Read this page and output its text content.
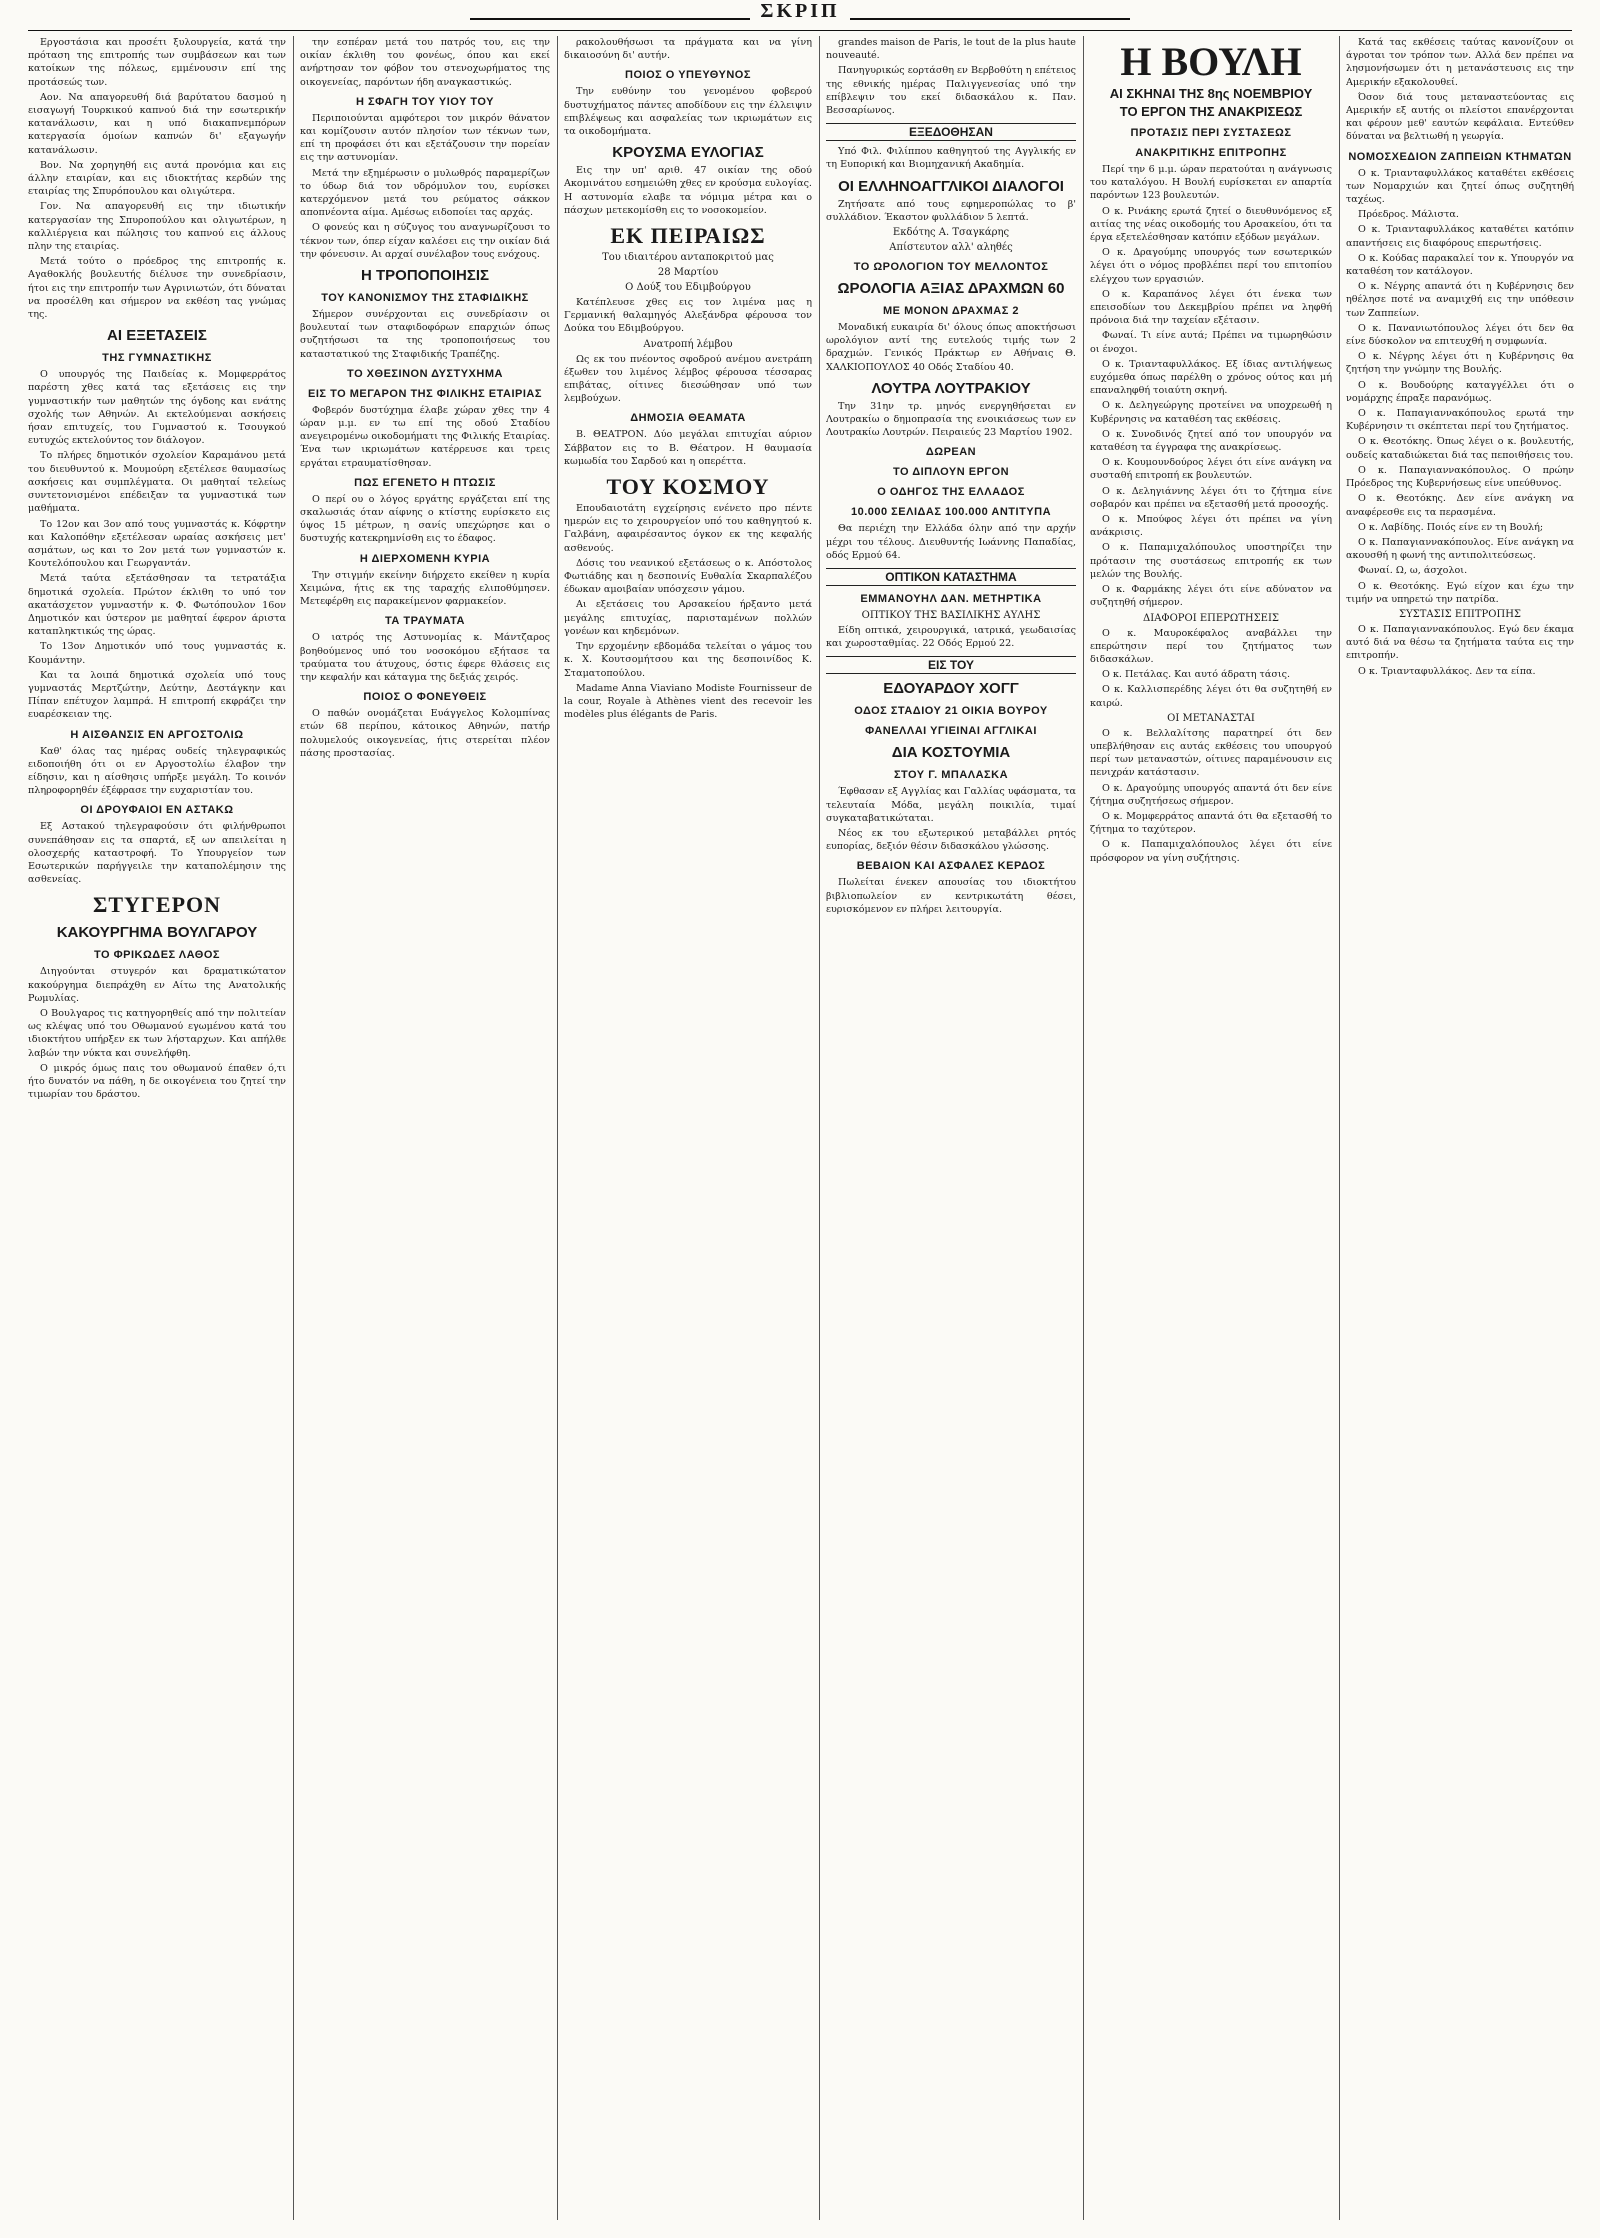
ΣΚΡΙΠ

Εργοστάσια και προσέτι ξυλουργεία, κατά την πρόταση της επιτροπής των συμβάσεων και των κατοίκων της πόλεως, εμμένουσιν επί της προτάσεώς των.

Αον. Να απαγορευθή διά βαρύτατου δασμού η εισαγωγή Τουρκικού καπνού διά την εσωτερικήν κατανάλωσιν, και η υπό διακαπνεμπόρων κατεργασία όμοίων καπνών δι' εξαγωγήν κατανάλωσιν.

Βον. Να χορηγηθή εις αυτά προνόμια και εις άλλην εταιρίαν, και εις ιδιοκτήτας κερδών της εταιρίας της Σπυρόπουλου και ολιγώτερα.

Γον. Να απαγορευθή εις την ιδιωτικήν κατεργασίαν της Σπυροπούλου και ολιγωτέρων, η καλλιέργεια και πώλησις του καπνού εις άλλους πλην της εταιρίας.

Μετά τούτο ο πρόεδρος της επιτροπής κ. Αγαθοκλής βουλευτής διέλυσε την συνεδρίασιν, ήτοι εις την επιτροπήν των Αγρινιωτών, ότι δύναται να προσέλθη και σήμερον να εκθέση τας γνώμας της.

ΑΙ ΕΞΕΤΑΣΕΙΣ
ΤΗΣ ΓΥΜΝΑΣΤΙΚΗΣ

Ο υπουργός της Παιδείας κ. Μομφερράτος παρέστη χθες κατά τας εξετάσεις εις την γυμναστικήν των μαθητών της όγδοης και ενάτης σχολής των Αθηνών. Αι εκτελούμεναι ασκήσεις ήσαν επιτυχείς, του Γυμναστού κ. Τσουγκού ευτυχώς εκτελούντος τον διάλογον.

Το πλήρες δημοτικόν σχολείον Καραμάνου μετά του διευθυντού κ. Μουμούρη εξετέλεσε θαυμασίως ασκήσεις και συμπλέγματα. Οι μαθηταί τελείως συντετονισμένοι επέδειξαν τα γυμναστικά των μαθήματα.

Το 12ον και 3ον από τους γυμναστάς κ. Κόφρτην και Καλοπόθην εξετέλεσαν ωραίας ασκήσεις μετ' ασμάτων, ως και το 2ον μετά των γυμναστών κ. Κουτελόπουλου και Γεωργαντάν.

Μετά ταύτα εξετάσθησαν τα τετρατάξια δημοτικά σχολεία. Πρώτον έκλιθη το υπό τον ακατάσχετον γυμναστήν κ. Φ. Φωτόπουλον 16ον Δημοτικόν και ύστερον με μαθηταί έφερον άριστα καταπληκτικώς της ώρας.

Το 13ον Δημοτικόν υπό τους γυμναστάς κ. Κουμάντην.

Και τα λοιπά δημοτικά σχολεία υπό τους γυμναστάς Μερτζώτην, Δεύτην, Δεστάγκην και Πίπαν επέτυχον λαμπρά. Η επιτροπή εκφράζει την ευαρέσκειαν της.

Η ΑΙΣΘΑΝΣΙΣ ΕΝ ΑΡΓΟΣΤΟΛΙΩ

Καθ' όλας τας ημέρας ουδείς τηλεγραφικώς ειδοποιήθη ότι οι εν Αργοστολίω έλαβον την είδησιν, και η αίσθησις υπήρξε μεγάλη. Το κοινόν πληροφορηθέν έξέφρασε την ευχαριστίαν του.

ΟΙ ΔΡΟΥΦΑΙΟΙ ΕΝ ΑΣΤΑΚΩ

Εξ Αστακού τηλεγραφούσιν ότι φιλήνθρωποι συνεπάθησαν εις τα σπαρτά, εξ ων απειλείται η ολοσχερής καταστροφή. Το Υπουργείον των Εσωτερικών παρήγγειλε την καταπολέμησιν της ασθενείας.

ΣΤΥΓΕΡΟΝ
ΚΑΚΟΥΡΓΗΜΑ ΒΟΥΛΓΑΡΟΥ
ΤΟ ΦΡΙΚΩΔΕΣ ΛΑΘΟΣ

Διηγούνται στυγερόν και δραματικώτατον κακούργημα διεπράχθη εν Αίτω της Ανατολικής Ρωμυλίας.

Ο Βουλγαρος τις κατηγορηθείς από την πολιτείαν ως κλέψας υπό του Οθωμανού εγωμένου κατά του ιδιοκτήτου υπήρξεν εκ των λήσταρχων. Και απήλθε λαβών την νύκτα και συνελήφθη.

Ο μικρός όμως παις του οθωμανού έπαθεν ό,τι ήτο δυνατόν να πάθη, η δε οικογένεια του ζητεί την τιμωρίαν του δράστου.

την εσπέραν μετά του πατρός του, εις την οικίαν έκλιθη του φονέως, όπου και εκεί ανήρτησαν τον φόβον του στενοχωρήματος της οικογενείας, παρόντων ήδη αναγκαστικώς.

Η ΣΦΑΓΗ ΤΟΥ ΥΙΟΥ ΤΟΥ

Περιποιούνται αμφότεροι τον μικρόν θάνατον και κομίζουσιν αυτόν πλησίον των τέκνων των, επί τη προφάσει ότι και εξετάζουσιν την πορείαν εις την αστυνομίαν.

Μετά την εξημέρωσιν ο μυλωθρός παραμερίζων το ύδωρ διά τον υδρόμυλον του, ευρίσκει κατερχόμενον μετά του ρεύματος σάκκον αποπνέοντα αίμα. Αμέσως ειδοποίει τας αρχάς.

Ο φονεύς και η σύζυγος του αναγνωρίζουσι το τέκνον των, όπερ είχαν καλέσει εις την οικίαν διά την φόνευσιν. Αι αρχαί συνέλαβον τους ενόχους.

Η ΤΡΟΠΟΠΟΙΗΣΙΣ
ΤΟΥ ΚΑΝΟΝΙΣΜΟΥ ΤΗΣ ΣΤΑΦΙΔΙΚΗΣ

Σήμερον συνέρχονται εις συνεδρίασιν οι βουλευταί των σταφιδοφόρων επαρχιών όπως συζητήσωσι τα της τροποποιήσεως του καταστατικού της Σταφιδικής Τραπέζης.

ΤΟ ΧΘΕΣΙΝΟΝ ΔΥΣΤΥΧΗΜΑ
ΕΙΣ ΤΟ ΜΕΓΑΡΟΝ ΤΗΣ ΦΙΛΙΚΗΣ ΕΤΑΙΡΙΑΣ

Φοβερόν δυστύχημα έλαβε χώραν χθες την 4 ώραν μ.μ. εν τω επί της οδού Σταδίου ανεγειρομένω οικοδομήματι της Φιλικής Εταιρίας. Ένα των ικριωμάτων κατέρρευσε και τρεις εργάται ετραυματίσθησαν.

ΠΩΣ ΕΓΕΝΕΤΟ Η ΠΤΩΣΙΣ

Ο περί ου ο λόγος εργάτης εργάζεται επί της σκαλωσιάς όταν αίφνης ο κτίστης ευρίσκετο εις ύψος 15 μέτρων, η σανίς υπεχώρησε και ο δυστυχής κατεκρημνίσθη εις το έδαφος.

Η ΔΙΕΡΧΟΜΕΝΗ ΚΥΡΙΑ

Την στιγμήν εκείνην διήρχετο εκείθεν η κυρία Χειμώνα, ήτις εκ της ταραχής ελιποθύμησεν. Μετεφέρθη εις παρακείμενον φαρμακείον.

ΤΑ ΤΡΑΥΜΑΤΑ

Ο ιατρός της Αστυνομίας κ. Μάντζαρος βοηθούμενος υπό του νοσοκόμου εξήτασε τα τραύματα του άτυχους, όστις έφερε θλάσεις εις την κεφαλήν και κάταγμα της δεξιάς χειρός.

ΠΟΙΟΣ Ο ΦΟΝΕΥΘΕΙΣ

Ο παθών ονομάζεται Ευάγγελος Κολομπίνας ετών 68 περίπου, κάτοικος Αθηνών, πατήρ πολυμελούς οικογενείας, ήτις στερείται πλέον πάσης προστασίας.

ρακολουθήσωσι τα πράγματα και να γίνη δικαιοσύνη δι' αυτήν.

ΠΟΙΟΣ Ο ΥΠΕΥΘΥΝΟΣ

Την ευθύνην του γενομένου φοβερού δυστυχήματος πάντες αποδίδουν εις την έλλειψιν επιβλέψεως και ασφαλείας των ικριωμάτων εις τα οικοδομήματα.

ΚΡΟΥΣΜΑ ΕΥΛΟΓΙΑΣ

Εις την υπ' αριθ. 47 οικίαν της οδού Ακομινάτου εσημειώθη χθες εν κρούσμα ευλογίας. Η αστυνομία ελαβε τα νόμιμα μέτρα και ο πάσχων μετεκομίσθη εις το νοσοκομείον.

ΕΚ ΠΕΙΡΑΙΩΣ
Του ιδιαιτέρου ανταποκριτού μας
28 Μαρτίου
Ο Δούξ του Εδιμβούργου

Κατέπλευσε χθες εις τον λιμένα μας η Γερμανική θαλαμηγός Αλεξάνδρα φέρουσα τον Δούκα του Εδιμβούργου.

Ανατροπή λέμβου

Ως εκ του πνέοντος σφοδρού ανέμου ανετράπη έξωθεν του λιμένος λέμβος φέρουσα τέσσαρας επιβάτας, οίτινες διεσώθησαν υπό των λεμβούχων.

ΔΗΜΟΣΙΑ ΘΕΑΜΑΤΑ

Β. ΘΕΑΤΡΟΝ. Δύο μεγάλαι επιτυχίαι αύριον Σάββατον εις το Β. Θέατρον. Η θαυμασία κωμωδία του Σαρδού και η οπερέττα.

ΤΟΥ ΚΟΣΜΟΥ

Επουδαιοτάτη εγχείρησις ενένετο προ πέντε ημερών εις το χειρουργείον υπό του καθηγητού κ. Γαλβάνη, αφαιρέσαντος όγκον εκ της κεφαλής ασθενούς.

Δόσις του νεανικού εξετάσεως ο κ. Απόστολος Φωτιάδης και η δεσποινίς Ευθαλία Σκαρπαλέζου έδωκαν αμοιβαίαν υπόσχεσιν γάμου.

Αι εξετάσεις του Αρσακείου ήρξαντο μετά μεγάλης επιτυχίας, παρισταμένων πολλών γονέων και κηδεμόνων.

Την ερχομένην εβδομάδα τελείται ο γάμος του κ. Χ. Κουτσομήτσου και της δεσποινίδος Κ. Σταματοπούλου.

Madame Anna Viaviano Modiste Fournisseur de la cour, Royale à Athènes vient des recevoir les modèles plus élégants de Paris.

grandes maison de Paris, le tout de la plus haute nouveauté.

Πανηγυρικώς εορτάσθη εν Βερβοθύτη η επέτειος της εθνικής ημέρας Παλιγγενεσίας υπό την επίβλεψιν του εκεί διδασκάλου κ. Παν. Βεσσαρίωνος.

ΕΞΕΔΟΘΗΣΑΝ

Υπό Φιλ. Φιλίππου καθηγητού της Αγγλικής εν τη Ευπορική και Βιομηχανική Ακαδημία.

ΟΙ ΕΛΛΗΝΟΑΓΓΛΙΚΟΙ ΔΙΑΛΟΓΟΙ

Ζητήσατε από τους εφημεροπώλας το β' συλλάδιον. Έκαστον φυλλάδιον 5 λεπτά.

Εκδότης Α. Τσαγκάρης
Απίστευτον αλλ' αληθές
ΤΟ ΩΡΟΛΟΓΙΟΝ ΤΟΥ ΜΕΛΛΟΝΤΟΣ
ΩΡΟΛΟΓΙΑ ΑΞΙΑΣ ΔΡΑΧΜΩΝ 60
ΜΕ ΜΟΝΟΝ ΔΡΑΧΜΑΣ 2

Μοναδική ευκαιρία δι' όλους όπως αποκτήσωσι ωρολόγιον αντί της ευτελούς τιμής των 2 δραχμών. Γενικός Πράκτωρ εν Αθήναις Θ. ΧΑΛΚΙΟΠΟΥΛΟΣ 40 Οδός Σταδίου 40.

ΛΟΥΤΡΑ ΛΟΥΤΡΑΚΙΟΥ

Την 31ην τρ. μηνός ενεργηθήσεται εν Λουτρακίω ο δημοπρασία της ενοικιάσεως των εν Λουτρακίω Λουτρών. Πειραιεύς 23 Μαρτίου 1902.

ΔΩΡΕΑΝ
ΤΟ ΔΙΠΛΟΥΝ ΕΡΓΟΝ
Ο ΟΔΗΓΟΣ ΤΗΣ ΕΛΛΑΔΟΣ
10.000 ΣΕΛΙΔΑΣ 100.000 ΑΝΤΙΤΥΠΑ

Θα περιέχη την Ελλάδα όλην από την αρχήν μέχρι του τέλους. Διευθυντής Ιωάννης Παπαδίας, οδός Ερμού 64.

ΟΠΤΙΚΟΝ ΚΑΤΑΣΤΗΜΑ
ΕΜΜΑΝΟΥΗΛ ΔΑΝ. ΜΕΤΗΡΤΙΚΑ
ΟΠΤΙΚΟΥ ΤΗΣ ΒΑΣΙΛΙΚΗΣ ΑΥΛΗΣ

Είδη οπτικά, χειρουργικά, ιατρικά, γεωδαισίας και χωροσταθμίας. 22 Οδός Ερμού 22.

ΕΙΣ ΤΟΥ
ΕΔΟΥΑΡΔΟΥ ΧΟΓΓ
ΟΔΟΣ ΣΤΑΔΙΟΥ 21 ΟΙΚΙΑ ΒΟΥΡΟΥ
ΦΑΝΕΛΛΑΙ ΥΓΙΕΙΝΑΙ ΑΓΓΛΙΚΑΙ
ΔΙΑ ΚΟΣΤΟΥΜΙΑ
ΣΤΟΥ Γ. ΜΠΑΛΑΣΚΑ

Έφθασαν εξ Αγγλίας και Γαλλίας υφάσματα, τα τελευταία Μόδα, μεγάλη ποικιλία, τιμαί συγκαταβατικώταται.

Νέος εκ του εξωτερικού μεταβάλλει ρητός ευπορίας, δεξιόν θέσιν διδασκάλου γλώσσης.

ΒΕΒΑΙΟΝ ΚΑΙ ΑΣΦΑΛΕΣ ΚΕΡΔΟΣ

Πωλείται ένεκεν απουσίας του ιδιοκτήτου βιβλιοπωλείον εν κεντρικωτάτη θέσει, ευρισκόμενον εν πλήρει λειτουργία.

Η ΒΟΥΛΗ
ΑΙ ΣΚΗΝΑΙ ΤΗΣ 8ης ΝΟΕΜΒΡΙΟΥ
ΤΟ ΕΡΓΟΝ ΤΗΣ ΑΝΑΚΡΙΣΕΩΣ
ΠΡΟΤΑΣΙΣ ΠΕΡΙ ΣΥΣΤΑΣΕΩΣ
ΑΝΑΚΡΙΤΙΚΗΣ ΕΠΙΤΡΟΠΗΣ

Περί την 6 μ.μ. ώραν περατούται η ανάγνωσις του καταλόγου. Η Βουλή ευρίσκεται εν απαρτία παρόντων 123 βουλευτών.

Ο κ. Ρινάκης ερωτά ζητεί ο διευθυνόμενος εξ αιτίας της νέας οικοδομής του Αρσακείου, ότι τα έργα εξετελέσθησαν κατόπιν εξόδων μεγάλων.

Ο κ. Δραγούμης υπουργός των εσωτερικών λέγει ότι ο νόμος προβλέπει περί του επιτοπίου ελέγχου των εργασιών.

Ο κ. Καραπάνος λέγει ότι ένεκα των επεισοδίων του Δεκεμβρίου πρέπει να ληφθή πρόνοια διά την ταχείαν εξέτασιν.

Φωναί. Τι είνε αυτά; Πρέπει να τιμωρηθώσιν οι ένοχοι.

Ο κ. Τριανταφυλλάκος. Εξ ίδιας αντιλήψεως ευχόμεθα όπως παρέλθη ο χρόνος ούτος και μή επαναληφθή τοιαύτη σκηνή.

Ο κ. Δεληγεώργης προτείνει να υποχρεωθή η Κυβέρνησις να καταθέση τας εκθέσεις.

Ο κ. Συνοδινός ζητεί από τον υπουργόν να καταθέση τα έγγραφα της ανακρίσεως.

Ο κ. Κουμουνδούρος λέγει ότι είνε ανάγκη να συσταθή επιτροπή εκ βουλευτών.

Ο κ. Δεληγιάννης λέγει ότι το ζήτημα είνε σοβαρόν και πρέπει να εξετασθή μετά προσοχής.

Ο κ. Μπούφος λέγει ότι πρέπει να γίνη ανάκρισις.

Ο κ. Παπαμιχαλόπουλος υποστηρίζει την πρότασιν της συστάσεως επιτροπής εκ των μελών της Βουλής.

Ο κ. Φαρμάκης λέγει ότι είνε αδύνατον να συζητηθή σήμερον.

ΔΙΑΦΟΡΟΙ ΕΠΕΡΩΤΗΣΕΙΣ

Ο κ. Μαυροκέφαλος αναβάλλει την επερώτησιν περί του ζητήματος των διδασκάλων.

Ο κ. Πετάλας. Και αυτό άδρατη τάσις.

Ο κ. Καλλισπερέδης λέγει ότι θα συζητηθή εν καιρώ.

ΟΙ ΜΕΤΑΝΑΣΤΑΙ

Ο κ. Βελλαλίτσης παρατηρεί ότι δεν υπεβλήθησαν εις αυτάς εκθέσεις του υπουργού περί των μεταναστών, οίτινες παραμένουσιν εις πενιχράν κατάστασιν.

Ο κ. Δραγούμης υπουργός απαντά ότι δεν είνε ζήτημα συζητήσεως σήμερον.

Ο κ. Μομφερράτος απαντά ότι θα εξετασθή το ζήτημα το ταχύτερον.

Ο κ. Παπαμιχαλόπουλος λέγει ότι είνε πρόσφορον να γίνη συζήτησις.

Κατά τας εκθέσεις ταύτας κανονίζουν οι άγροται τον τρόπον των. Αλλά δεν πρέπει να λησμονήσωμεν ότι η μετανάστευσις εις την Αμερικήν εξακολουθεί.

Όσον διά τους μεταναστεύοντας εις Αμερικήν εξ αυτής οι πλείστοι επανέρχονται και φέρουν μεθ' εαυτών κεφάλαια. Εντεύθεν δύναται να βελτιωθή η γεωργία.

ΝΟΜΟΣΧΕΔΙΟΝ ΖΑΠΠΕΙΩΝ ΚΤΗΜΑΤΩΝ

Ο κ. Τριανταφυλλάκος καταθέτει εκθέσεις των Νομαρχιών και ζητεί όπως συζητηθή ταχέως.

Πρόεδρος. Μάλιστα.

Ο κ. Τριανταφυλλάκος καταθέτει κατόπιν απαντήσεις εις διαφόρους επερωτήσεις.

Ο κ. Κούδας παρακαλεί τον κ. Υπουργόν να καταθέση τον κατάλογον.

Ο κ. Νέγρης απαντά ότι η Κυβέρνησις δεν ηθέλησε ποτέ να αναμιχθή εις την υπόθεσιν των Ζαππείων.

Ο κ. Πανανιωτόπουλος λέγει ότι δεν θα είνε δύσκολον να επιτευχθή η συμφωνία.

Ο κ. Νέγρης λέγει ότι η Κυβέρνησις θα ζητήση την γνώμην της Βουλής.

Ο κ. Βουδούρης καταγγέλλει ότι ο νομάρχης έπραξε παρανόμως.

Ο κ. Παπαγιαννακόπουλος ερωτά την Κυβέρνησιν τι σκέπτεται περί του ζητήματος.

Ο κ. Θεοτόκης. Όπως λέγει ο κ. βουλευτής, ουδείς καταδιώκεται διά τας πεποιθήσεις του.

Ο κ. Παπαγιαννακόπουλος. Ο πρώην Πρόεδρος της Κυβερνήσεως είνε υπεύθυνος.

Ο κ. Θεοτόκης. Δεν είνε ανάγκη να αναφέρεσθε εις τα περασμένα.

Ο κ. Λαβίδης. Ποιός είνε εν τη Βουλή;

Ο κ. Παπαγιαννακόπουλος. Είνε ανάγκη να ακουσθή η φωνή της αντιπολιτεύσεως.

Φωναί. Ω, ω, άσχολοι.

Ο κ. Θεοτόκης. Εγώ είχον και έχω την τιμήν να υπηρετώ την πατρίδα.

ΣΥΣΤΑΣΙΣ ΕΠΙΤΡΟΠΗΣ

Ο κ. Παπαγιαννακόπουλος. Εγώ δεν έκαμα αυτό διά να θέσω τα ζητήματα ταύτα εις την επιτροπήν.

Ο κ. Τριανταφυλλάκος. Δεν τα είπα.
